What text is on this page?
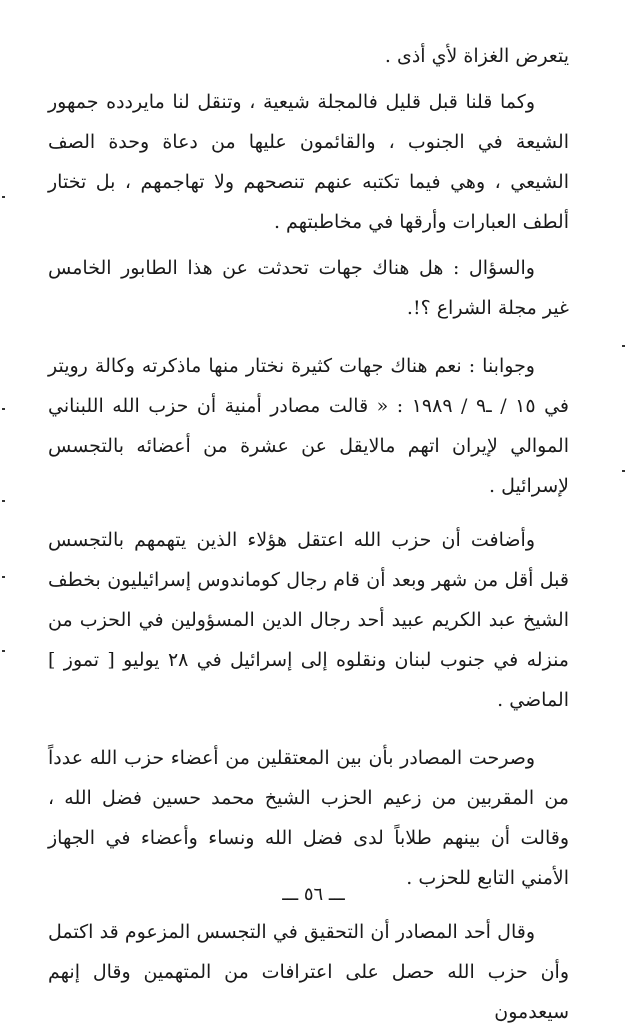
يتعرض الغزاة لأي أذى .

وكما قلنا قبل قليل فالمجلة شيعية ، وتنقل لنا مايردده جمهور الشيعة في الجنوب ، والقائمون عليها من دعاة وحدة الصف الشيعي ، وهي فيما تكتبه عنهم تنصحهم ولا تهاجمهم ، بل تختار ألطف العبارات وأرقها في مخاطبتهم .

والسؤال : هل هناك جهات تحدثت عن هذا الطابور الخامس غير مجلة الشراع ؟!.

وجوابنا : نعم هناك جهات كثيرة نختار منها ماذكرته وكالة رويتر في ١٥ / ـ٩ / ١٩٨٩ : « قالت مصادر أمنية أن حزب الله اللبناني الموالي لإيران اتهم مالايقل عن عشرة من أعضائه بالتجسس لإسرائيل .

وأضافت أن حزب الله اعتقل هؤلاء الذين يتهمهم بالتجسس قبل أقل من شهر وبعد أن قام رجال كوماندوس إسرائيليون بخطف الشيخ عبد الكريم عبيد أحد رجال الدين المسؤولين في الحزب من منزله في جنوب لبنان ونقلوه إلى إسرائيل في ٢٨ يوليو [ تموز ] الماضي .

وصرحت المصادر بأن بين المعتقلين من أعضاء حزب الله عدداً من المقربين من زعيم الحزب الشيخ محمد حسين فضل الله ، وقالت أن بينهم طلاباً لدى فضل الله ونساء وأعضاء في الجهاز الأمني التابع للحزب .

وقال أحد المصادر أن التحقيق في التجسس المزعوم قد اكتمل وأن حزب الله حصل على اعترافات من المتهمين وقال إنهم سيعدمون

ـــ ٥٦ ـــ
